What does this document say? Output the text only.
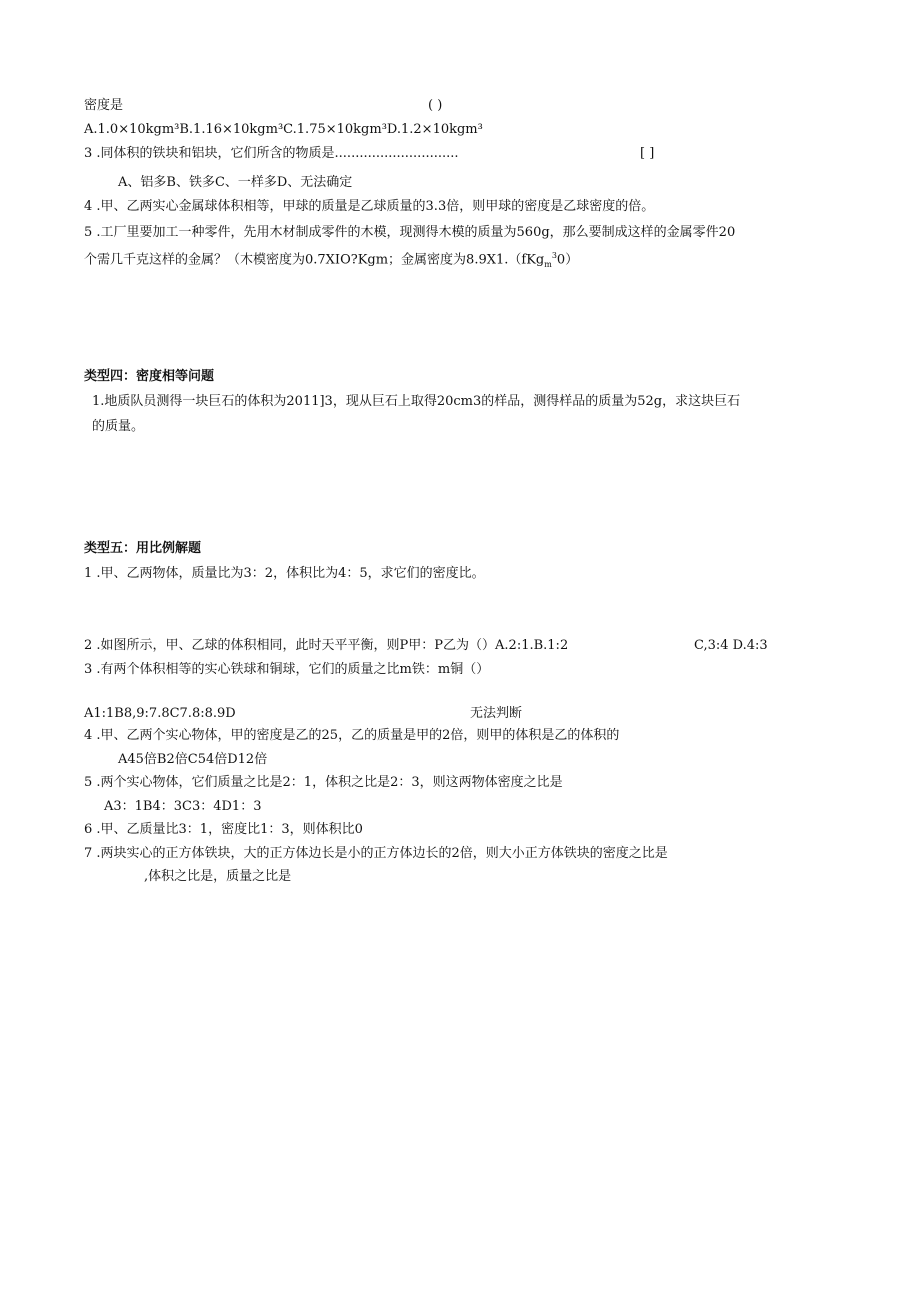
密度是	( )
A.1.0×10kgm³B.1.16×10kgm³C.1.75×10kgm³D.1.2×10kgm³
3 .同体积的铁块和铝块，它们所含的物质是..............................	[ ]
A、铝多B、铁多C、一样多D、无法确定
4 .甲、乙两实心金属球体积相等，甲球的质量是乙球质量的3.3倍，则甲球的密度是乙球密度的倍。
5 .工厂里要加工一种零件，先用木材制成零件的木模，现测得木模的质量为560g，那么要制成这样的金属零件20
个需几千克这样的金属？（木模密度为0.7XIO?Kgm；金属密度为8.9X1.（fKg$_m^3$0）
类型四：密度相等问题
1.地质队员测得一块巨石的体积为2011]3，现从巨石上取得20cm3的样品，测得样品的质量为52g，求这块巨石
的质量。
类型五：用比例解题
1 .甲、乙两物体，质量比为3：2，体积比为4：5，求它们的密度比。
2 .如图所示，甲、乙球的体积相同，此时天平平衡，则P甲：P乙为（）A.2:1.B.1:2	C,3:4 D.4:3
3 .有两个体积相等的实心铁球和铜球，它们的质量之比m铁：m铜（）
A1:1B8,9:7.8C7.8:8.9D	无法判断
4 .甲、乙两个实心物体，甲的密度是乙的25，乙的质量是甲的2倍，则甲的体积是乙的体积的
A45倍B2倍C54倍D12倍
5 .两个实心物体，它们质量之比是2：1，体积之比是2：3，则这两物体密度之比是
A3：1B4：3C3：4D1：3
6 .甲、乙质量比3：1，密度比1：3，则体积比0
7 .两块实心的正方体铁块，大的正方体边长是小的正方体边长的2倍，则大小正方体铁块的密度之比是
,体积之比是，质量之比是
